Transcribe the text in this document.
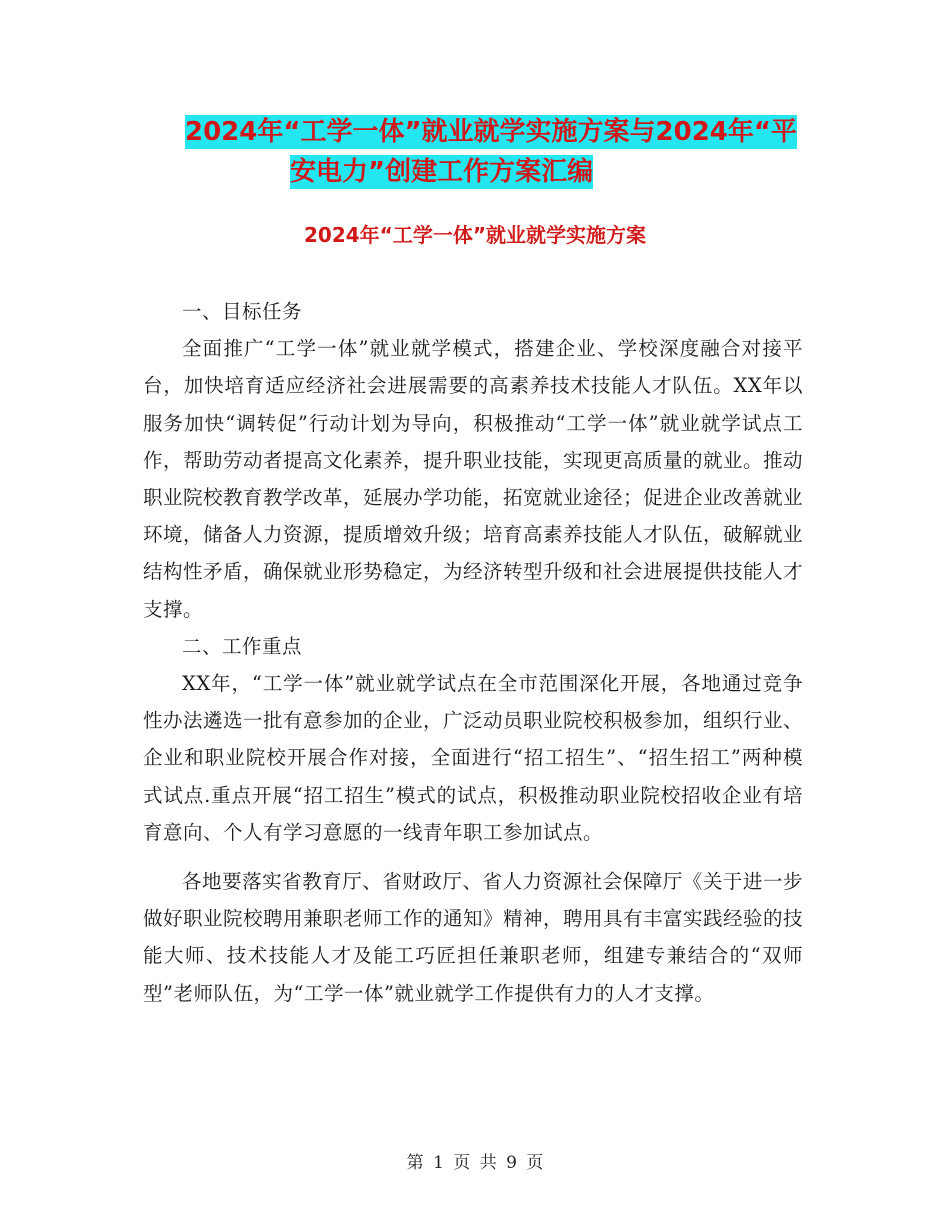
2024年“工学一体”就业就学实施方案与2024年“平
安电力”创建工作方案汇编
2024年“工学一体”就业就学实施方案

一、目标任务

全面推广“工学一体”就业就学模式，搭建企业、学校深度融合对接平台，加快培育适应经济社会进展需要的高素养技术技能人才队伍。XX年以服务加快“调转促”行动计划为导向，积极推动“工学一体”就业就学试点工作，帮助劳动者提高文化素养，提升职业技能，实现更高质量的就业。推动职业院校教育教学改革，延展办学功能，拓宽就业途径；促进企业改善就业环境，储备人力资源，提质增效升级；培育高素养技能人才队伍，破解就业结构性矛盾，确保就业形势稳定，为经济转型升级和社会进展提供技能人才支撑。

二、工作重点

XX年，“工学一体”就业就学试点在全市范围深化开展，各地通过竞争性办法遴选一批有意参加的企业，广泛动员职业院校积极参加，组织行业、企业和职业院校开展合作对接，全面进行“招工招生”、“招生招工”两种模式试点.重点开展“招工招生”模式的试点，积极推动职业院校招收企业有培育意向、个人有学习意愿的一线青年职工参加试点。

各地要落实省教育厅、省财政厅、省人力资源社会保障厅《关于进一步做好职业院校聘用兼职老师工作的通知》精神，聘用具有丰富实践经验的技能大师、技术技能人才及能工巧匠担任兼职老师，组建专兼结合的“双师型”老师队伍，为“工学一体”就业就学工作提供有力的人才支撑。

第 1 页 共 9 页
